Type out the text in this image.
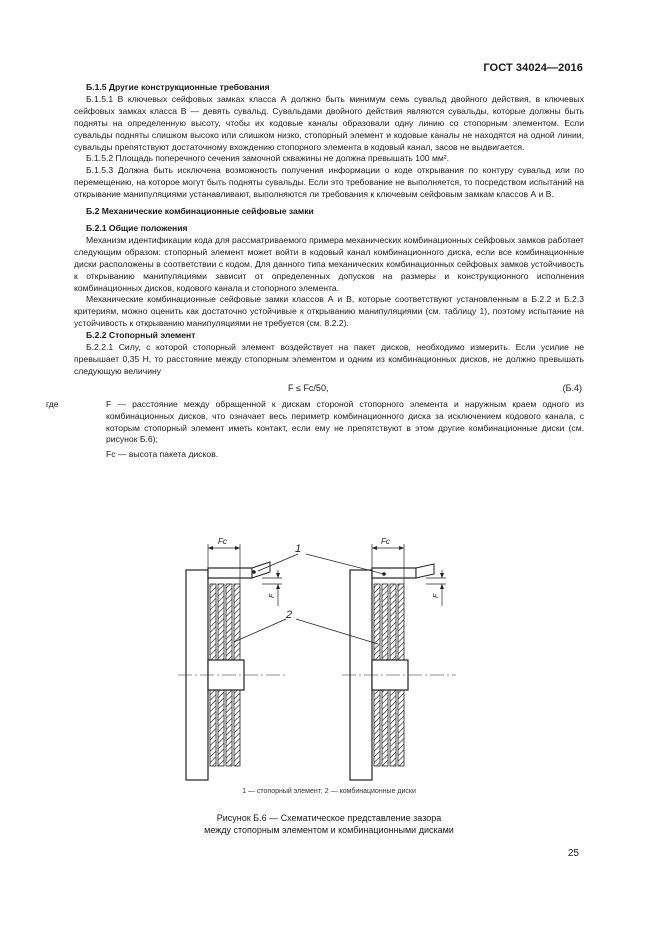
ГОСТ 34024—2016

Б.1.5 Другие конструкционные требования

Б.1.5.1 В ключевых сейфовых замках класса А должно быть минимум семь сувальд двойного действия, в ключевых сейфовых замках класса В — девять сувальд. Сувальдами двойного действия являются сувальды, которые должны быть подняты на определенную высоту, чтобы их кодовые каналы образовали одну линию со стопорным элементом. Если сувальды подняты слишком высоко или слишком низко, стопорный элемент и кодовые каналы не находятся на одной линии, сувальды препятствуют достаточному вхождению стопорного элемента в кодовый канал, засов не выдвигается.

Б.1.5.2 Площадь поперечного сечения замочной скважины не должна превышать 100 мм².

Б.1.5.3 Должна быть исключена возможность получения информации о коде открывания по контуру сувальд или по перемещению, на которое могут быть подняты сувальды. Если это требование не выполняется, то посредством испытаний на открывание манипуляциями устанавливают, выполняются ли требования к ключевым сейфовым замкам классов А и В.

Б.2 Механические комбинационные сейфовые замки

Б.2.1 Общие положения

Механизм идентификации кода для рассматриваемого примера механических комбинационных сейфовых замков работает следующим образом: стопорный элемент может войти в кодовый канал комбинационного диска, если все комбинационные диски расположены в соответствии с кодом. Для данного типа механических комбинационных сейфовых замков устойчивость к открыванию манипуляциями зависит от определенных допусков на размеры и конструкционного исполнения комбинационных дисков, кодового канала и стопорного элемента.

Механические комбинационные сейфовые замки классов А и В, которые соответствуют установленным в Б.2.2 и Б.2.3 критериям, можно оценить как достаточно устойчивые к открыванию манипуляциями (см. таблицу 1), поэтому испытание на устойчивость к открыванию манипуляциями не требуется (см. 8.2.2).

Б.2.2 Стопорный элемент

Б.2.2.1 Силу, с которой стопорный элемент воздействует на пакет дисков, необходимо измерить. Если усилие не превышает 0,35 Н, то расстояние между стопорным элементом и одним из комбинационных дисков, не должно превышать следующую величину

F ≤ Fс/50,	(Б.4)
где	F — расстояние между обращенной к дискам стороной стопорного элемента и наружным краем одного из комбинационных дисков, что означает весь периметр комбинационного диска за исключением кодового канала, с которым стопорный элемент иметь контакт, если ему не препятствуют в этом другие комбинационные диски (см. рисунок Б.6);
Fс — высота пакета дисков.
Fс	Fс
F	F
1
2
1 — стопорный элемент; 2 — комбинационные диски
Рисунок Б.6 — Схематическое представление зазора
между стопорным элементом и комбинационными дисками
25
